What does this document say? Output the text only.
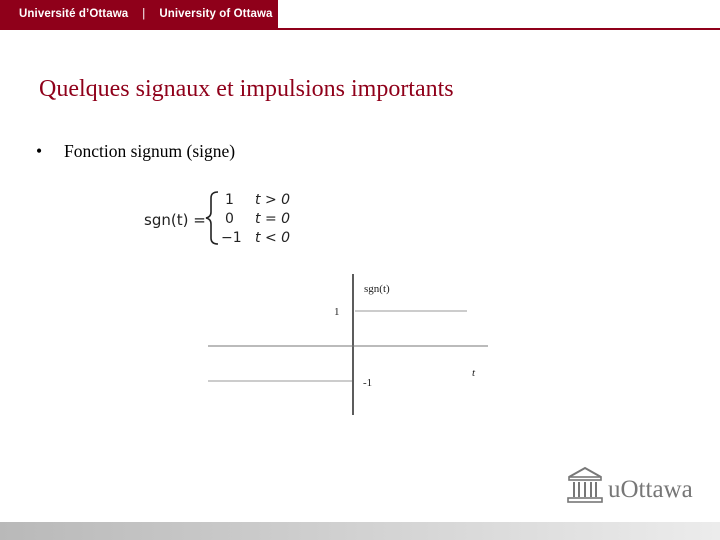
Université d’Ottawa | University of Ottawa
Quelques signaux et impulsions importants
• Fonction signum (signe)
sgn(t) =
1 t > 0
0 t = 0
−1 t < 0
sgn(t)
t
1
-1
uOttawa
